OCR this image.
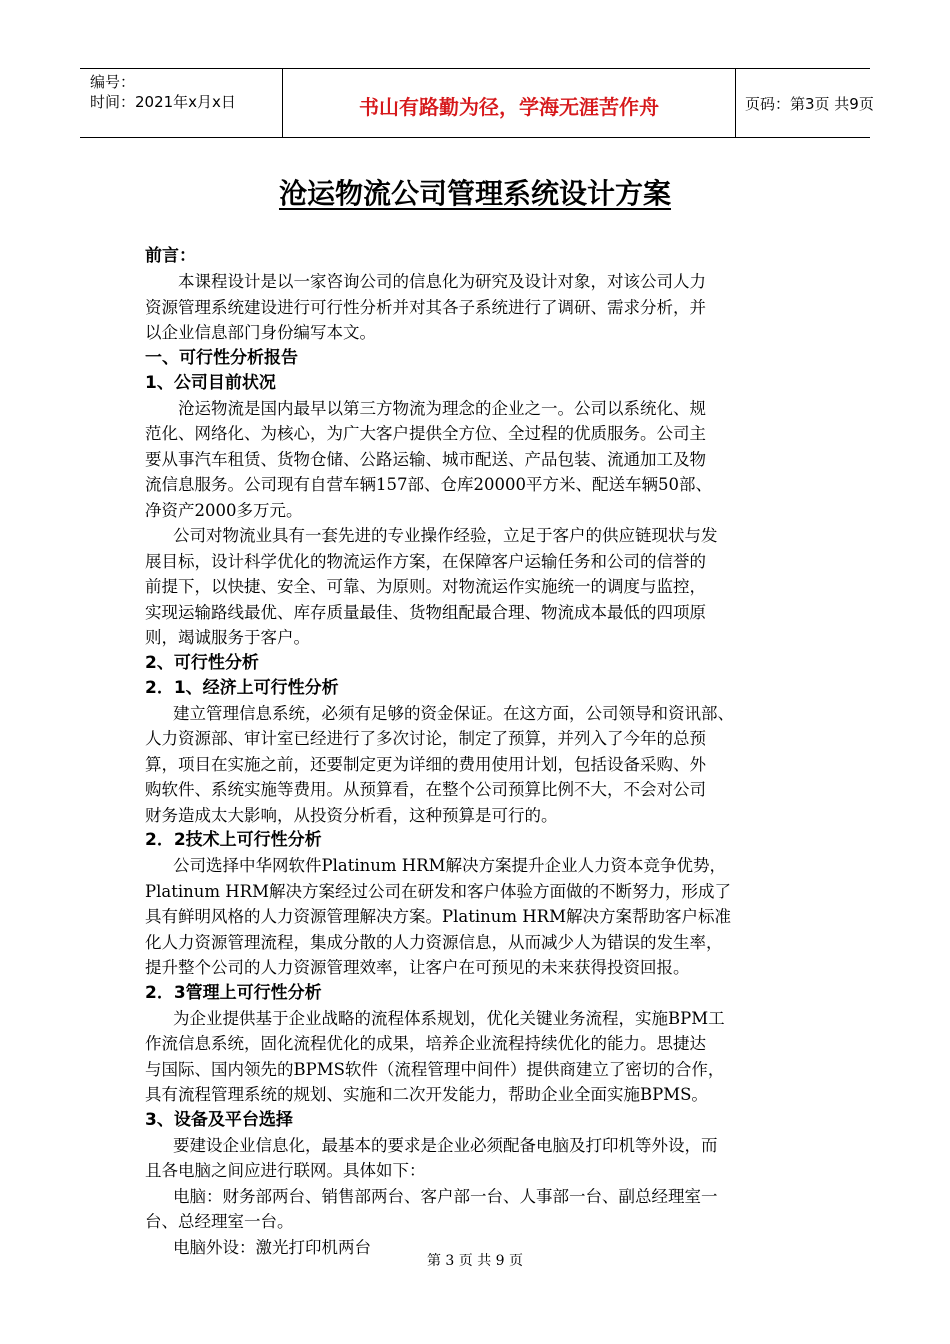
编号：
时间：2021年x月x日	书山有路勤为径，学海无涯苦作舟	页码：第3页 共9页
沧运物流公司管理系统设计方案
前言：
本课程设计是以一家咨询公司的信息化为研究及设计对象，对该公司人力
资源管理系统建设进行可行性分析并对其各子系统进行了调研、需求分析，并
以企业信息部门身份编写本文。
一、可行性分析报告
1、公司目前状况
沧运物流是国内最早以第三方物流为理念的企业之一。公司以系统化、规
范化、网络化、为核心，为广大客户提供全方位、全过程的优质服务。公司主
要从事汽车租赁、货物仓储、公路运输、城市配送、产品包装、流通加工及物
流信息服务。公司现有自营车辆157部、仓库20000平方米、配送车辆50部、
净资产2000多万元。
公司对物流业具有一套先进的专业操作经验，立足于客户的供应链现状与发
展目标，设计科学优化的物流运作方案，在保障客户运输任务和公司的信誉的
前提下，以快捷、安全、可靠、为原则。对物流运作实施统一的调度与监控，
实现运输路线最优、库存质量最佳、货物组配最合理、物流成本最低的四项原
则，竭诚服务于客户。
2、可行性分析
2．1、经济上可行性分析
建立管理信息系统，必须有足够的资金保证。在这方面，公司领导和资讯部、
人力资源部、审计室已经进行了多次讨论，制定了预算，并列入了今年的总预
算，项目在实施之前，还要制定更为详细的费用使用计划，包括设备采购、外
购软件、系统实施等费用。从预算看，在整个公司预算比例不大，不会对公司
财务造成太大影响，从投资分析看，这种预算是可行的。
2．2技术上可行性分析
公司选择中华网软件Platinum HRM解决方案提升企业人力资本竞争优势，
Platinum HRM解决方案经过公司在研发和客户体验方面做的不断努力，形成了
具有鲜明风格的人力资源管理解决方案。Platinum HRM解决方案帮助客户标准
化人力资源管理流程，集成分散的人力资源信息，从而减少人为错误的发生率，
提升整个公司的人力资源管理效率，让客户在可预见的未来获得投资回报。
2．3管理上可行性分析
为企业提供基于企业战略的流程体系规划，优化关键业务流程，实施BPM工
作流信息系统，固化流程优化的成果，培养企业流程持续优化的能力。思捷达
与国际、国内领先的BPMS软件（流程管理中间件）提供商建立了密切的合作，
具有流程管理系统的规划、实施和二次开发能力，帮助企业全面实施BPMS。
3、设备及平台选择
要建设企业信息化，最基本的要求是企业必须配备电脑及打印机等外设，而
且各电脑之间应进行联网。具体如下：
电脑：财务部两台、销售部两台、客户部一台、人事部一台、副总经理室一
台、总经理室一台。
电脑外设：激光打印机两台
第 3 页 共 9 页
